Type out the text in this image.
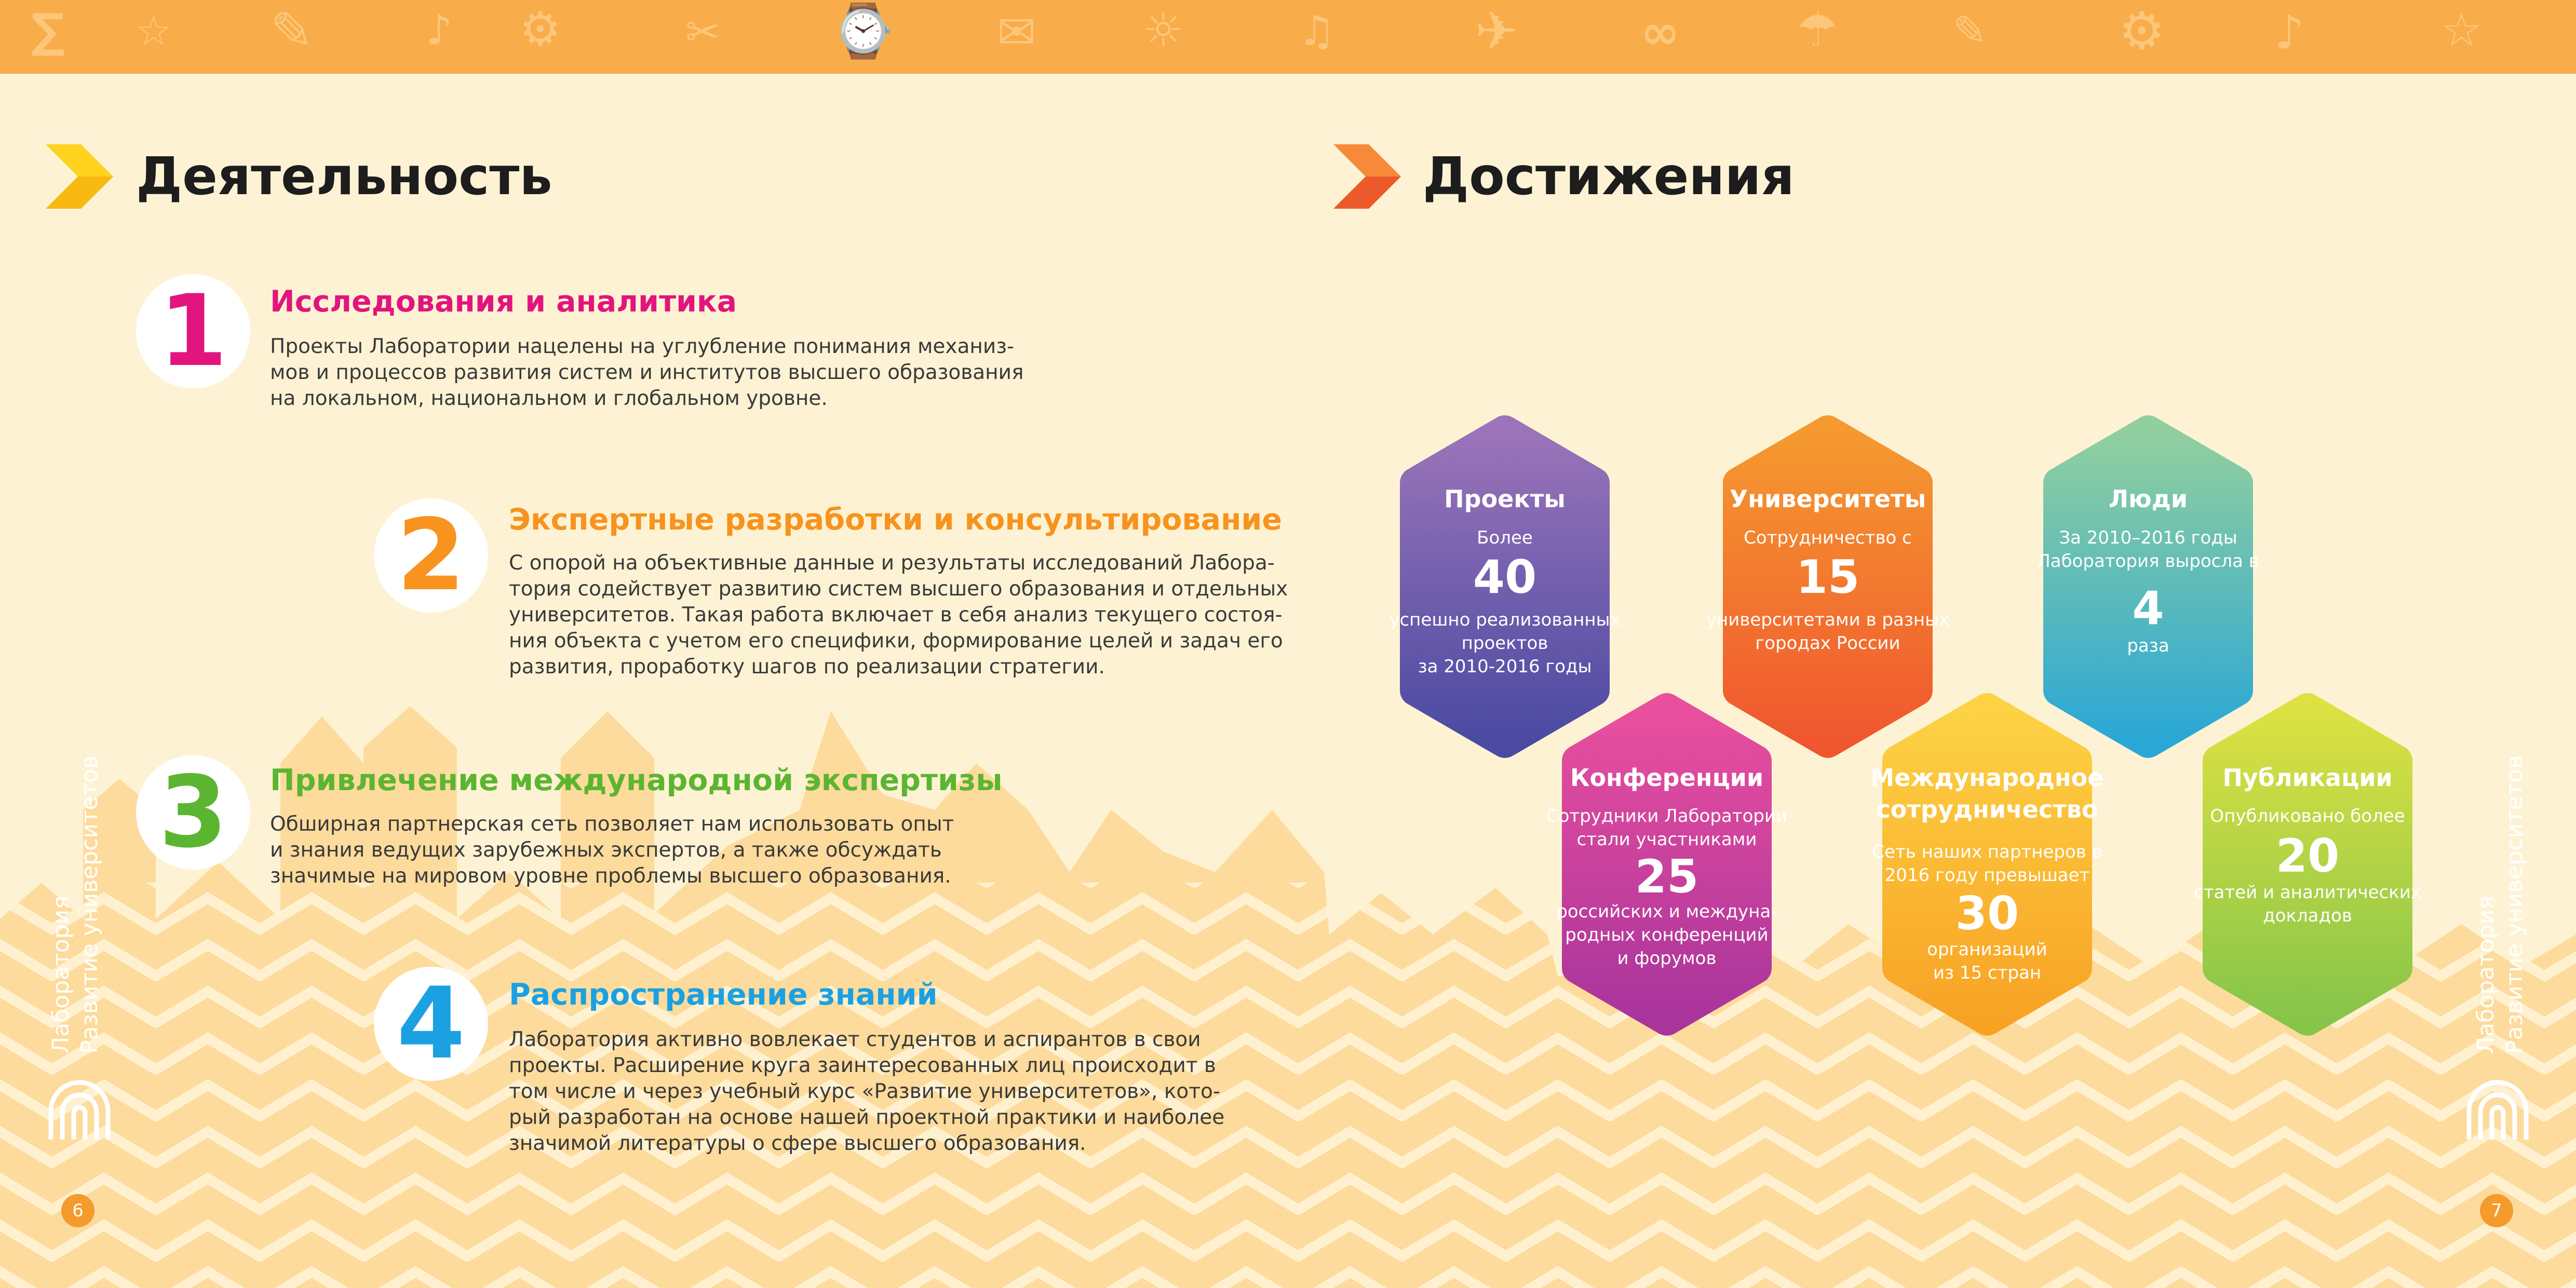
∑ ☆ ✎	♪ ⚙	✂ ⌚ ✉ ☼	♫	✈	∞	☂	✎	⚙ ♪	☆
Деятельность
1	Исследования и аналитика
Проекты Лаборатории нацелены на углубление понимания механиз-
мов и процессов развития систем и институтов высшего образования
на локальном, национальном и глобальном уровне.
2	Экспертные разработки и консультирование
С опорой на объективные данные и результаты исследований Лабора-
тория содействует развитию систем высшего образования и отдельных
университетов. Такая работа включает в себя анализ текущего состоя-
ния объекта с учетом его специфики, формирование целей и задач его
развития, проработку шагов по реализации стратегии.
3	Привлечение международной экспертизы
Обширная партнерская сеть позволяет нам использовать опыт
и знания ведущих зарубежных экспертов, а также обсуждать
значимые на мировом уровне проблемы высшего образования.
4	Распространение знаний
Лаборатория активно вовлекает студентов и аспирантов в свои
проекты. Расширение круга заинтересованных лиц происходит в
том числе и через учебный курс «Развитие университетов», кото-
рый разработан на основе нашей проектной практики и наиболее
значимой литературы о сфере высшего образования.
Лаборатория Развитие университетов
6
Достижения
Проекты
Более
40
успешно реализованных
проектов
за 2010-2016 годы
Университеты
Сотрудничество с
15
университетами в разных
городах России
Люди
За 2010–2016 годы
Лаборатория выросла в
4
раза
Конференции
Сотрудники Лаборатории
стали участниками
25
российских и междуна-
родных конференций
и форумов
Международное
сотрудничество
Сеть наших партнеров в
2016 году превышает
30
организаций
из 15 стран
Публикации
Опубликовано более
20
статей и аналитических
докладов	Лаборатория Развитие университетов
7
